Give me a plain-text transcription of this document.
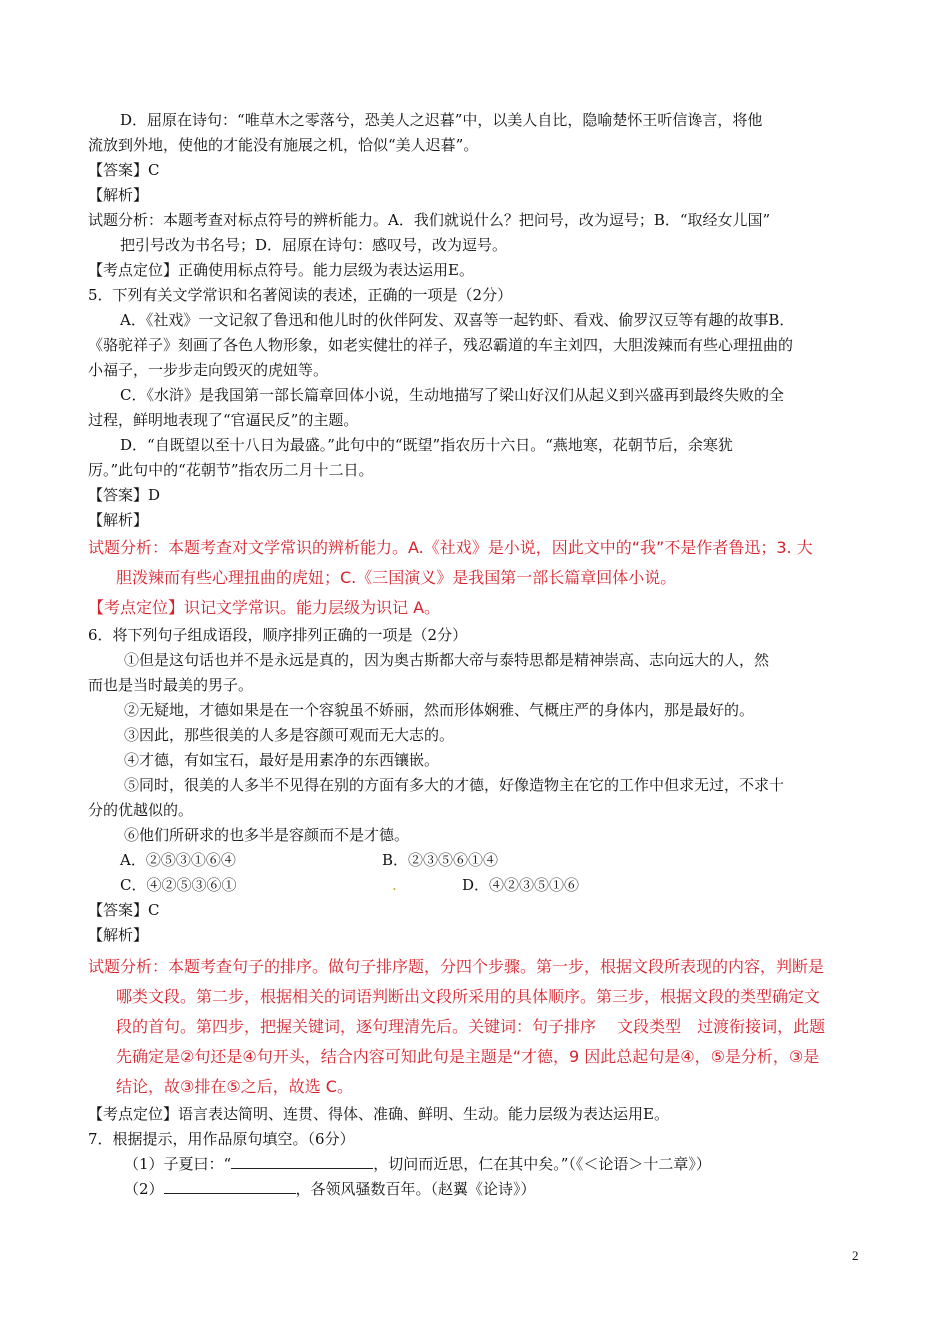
D．屈原在诗句：“唯草木之零落兮，恐美人之迟暮”中，以美人自比，隐喻楚怀王听信谗言，将他
流放到外地，使他的才能没有施展之机，恰似“美人迟暮”。
【答案】C
【解析】
试题分析：本题考查对标点符号的辨析能力。A．我们就说什么？把问号，改为逗号；B．“取经女儿国”
把引号改为书名号；D．屈原在诗句：感叹号，改为逗号。
【考点定位】正确使用标点符号。能力层级为表达运用E。
5．下列有关文学常识和名著阅读的表述，正确的一项是（2分）
A．《社戏》一文记叙了鲁迅和他儿时的伙伴阿发、双喜等一起钓虾、看戏、偷罗汉豆等有趣的故事B．
《骆驼祥子》刻画了各色人物形象，如老实健壮的祥子，残忍霸道的车主刘四，大胆泼辣而有些心理扭曲的
小福子，一步步走向毁灭的虎妞等。
C．《水浒》是我国第一部长篇章回体小说，生动地描写了梁山好汉们从起义到兴盛再到最终失败的全
过程，鲜明地表现了“官逼民反”的主题。
D．“自既望以至十八日为最盛。”此句中的“既望”指农历十六日。“燕地寒，花朝节后，余寒犹
厉。”此句中的“花朝节”指农历二月十二日。
【答案】D
【解析】
试题分析：本题考查对文学常识的辨析能力。A.《社戏》是小说，因此文中的“我”不是作者鲁迅；3. 大
胆泼辣而有些心理扭曲的虎妞；C.《三国演义》是我国第一部长篇章回体小说。
【考点定位】识记文学常识。能力层级为识记 A。
6．将下列句子组成语段，顺序排列正确的一项是（2分）
①但是这句话也并不是永远是真的，因为奥古斯都大帝与泰特思都是精神崇高、志向远大的人，然
而也是当时最美的男子。
②无疑地，才德如果是在一个容貌虽不娇丽，然而形体娴雅、气概庄严的身体内，那是最好的。
③因此，那些很美的人多是容颜可观而无大志的。
④才德，有如宝石，最好是用素净的东西镶嵌。
⑤同时，很美的人多半不见得在别的方面有多大的才德，好像造物主在它的工作中但求无过，不求十
分的优越似的。
⑥他们所研求的也多半是容颜而不是才德。
A．②⑤③①⑥④	B．②③⑤⑥①④
C．④②⑤③⑥①	.	D．④②③⑤①⑥
【答案】C
【解析】
试题分析：本题考查句子的排序。做句子排序题，分四个步骤。第一步，根据文段所表现的内容，判断是
哪类文段。第二步，根据相关的词语判断出文段所采用的具体顺序。第三步，根据文段的类型确定文
段的首句。第四步，把握关键词，逐句理清先后。关键词：句子排序　 文段类型　过渡衔接词，此题
先确定是②句还是④句开头，结合内容可知此句是主题是“才德，9 因此总起句是④，⑤是分析，③是
结论，故③排在⑤之后，故选 C。
【考点定位】语言表达简明、连贯、得体、准确、鲜明、生动。能力层级为表达运用E。
7．根据提示，用作品原句填空。（6分）
（1）子夏曰：“	，切问而近思，仁在其中矣。”（《＜论语＞十二章》）
（2）	，各领风骚数百年。（赵翼《论诗》）
2
